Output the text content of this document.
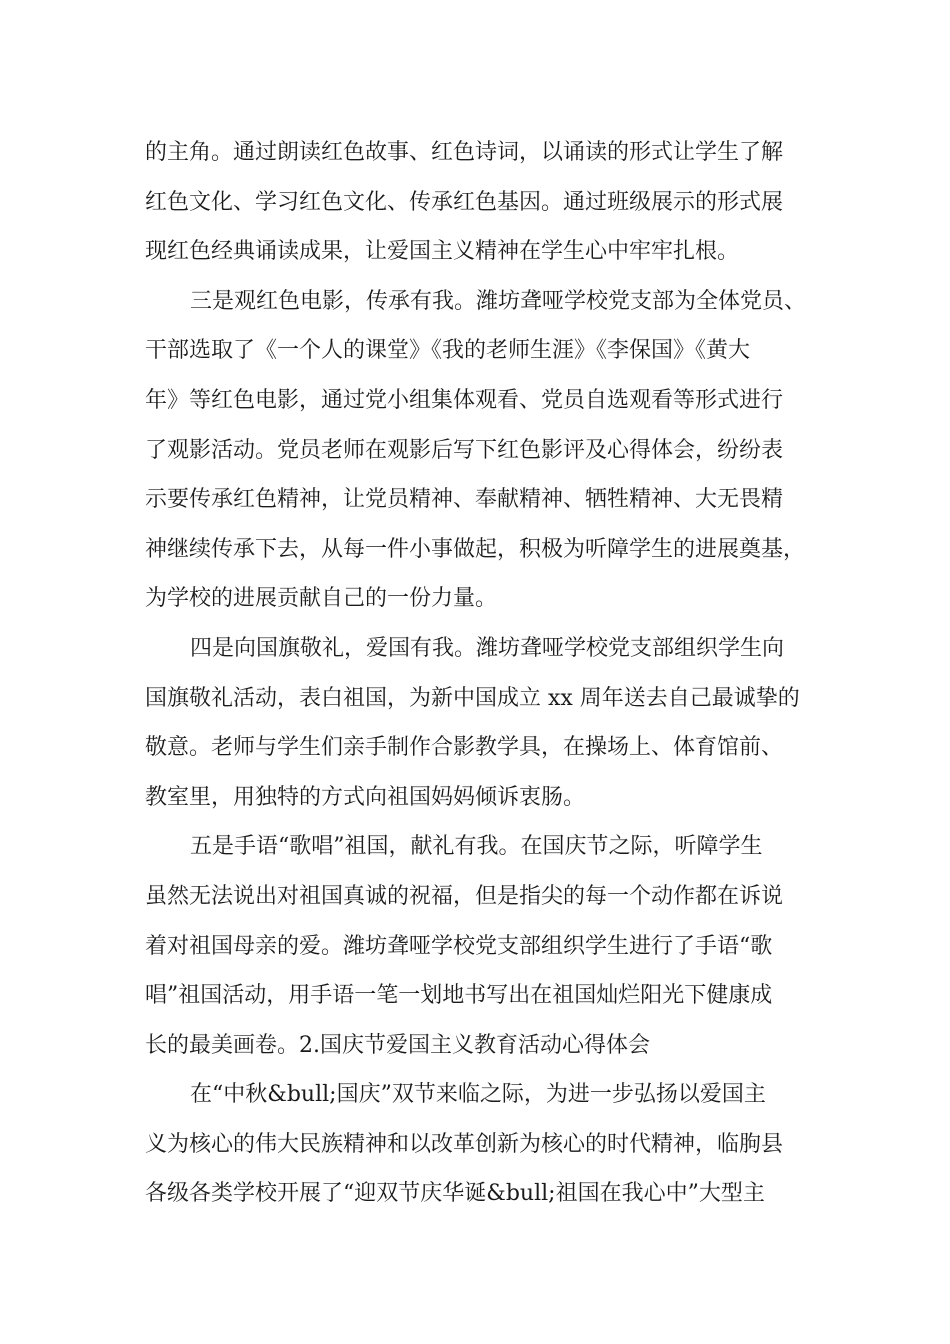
的主角。通过朗读红色故事、红色诗词，以诵读的形式让学生了解
红色文化、学习红色文化、传承红色基因。通过班级展示的形式展
现红色经典诵读成果，让爱国主义精神在学生心中牢牢扎根。
三是观红色电影，传承有我。潍坊聋哑学校党支部为全体党员、
干部选取了《一个人的课堂》《我的老师生涯》《李保国》《黄大
年》等红色电影，通过党小组集体观看、党员自选观看等形式进行
了观影活动。党员老师在观影后写下红色影评及心得体会，纷纷表
示要传承红色精神，让党员精神、奉献精神、牺牲精神、大无畏精
神继续传承下去，从每一件小事做起，积极为听障学生的进展奠基，
为学校的进展贡献自己的一份力量。
四是向国旗敬礼，爱国有我。潍坊聋哑学校党支部组织学生向
国旗敬礼活动，表白祖国，为新中国成立 xx 周年送去自己最诚挚的
敬意。老师与学生们亲手制作合影教学具，在操场上、体育馆前、
教室里，用独特的方式向祖国妈妈倾诉衷肠。
五是手语“歌唱”祖国，献礼有我。在国庆节之际，听障学生
虽然无法说出对祖国真诚的祝福，但是指尖的每一个动作都在诉说
着对祖国母亲的爱。潍坊聋哑学校党支部组织学生进行了手语“歌
唱”祖国活动，用手语一笔一划地书写出在祖国灿烂阳光下健康成
长的最美画卷。2.国庆节爱国主义教育活动心得体会
在“中秋&bull;国庆”双节来临之际，为进一步弘扬以爱国主
义为核心的伟大民族精神和以改革创新为核心的时代精神，临朐县
各级各类学校开展了“迎双节庆华诞&bull;祖国在我心中”大型主
